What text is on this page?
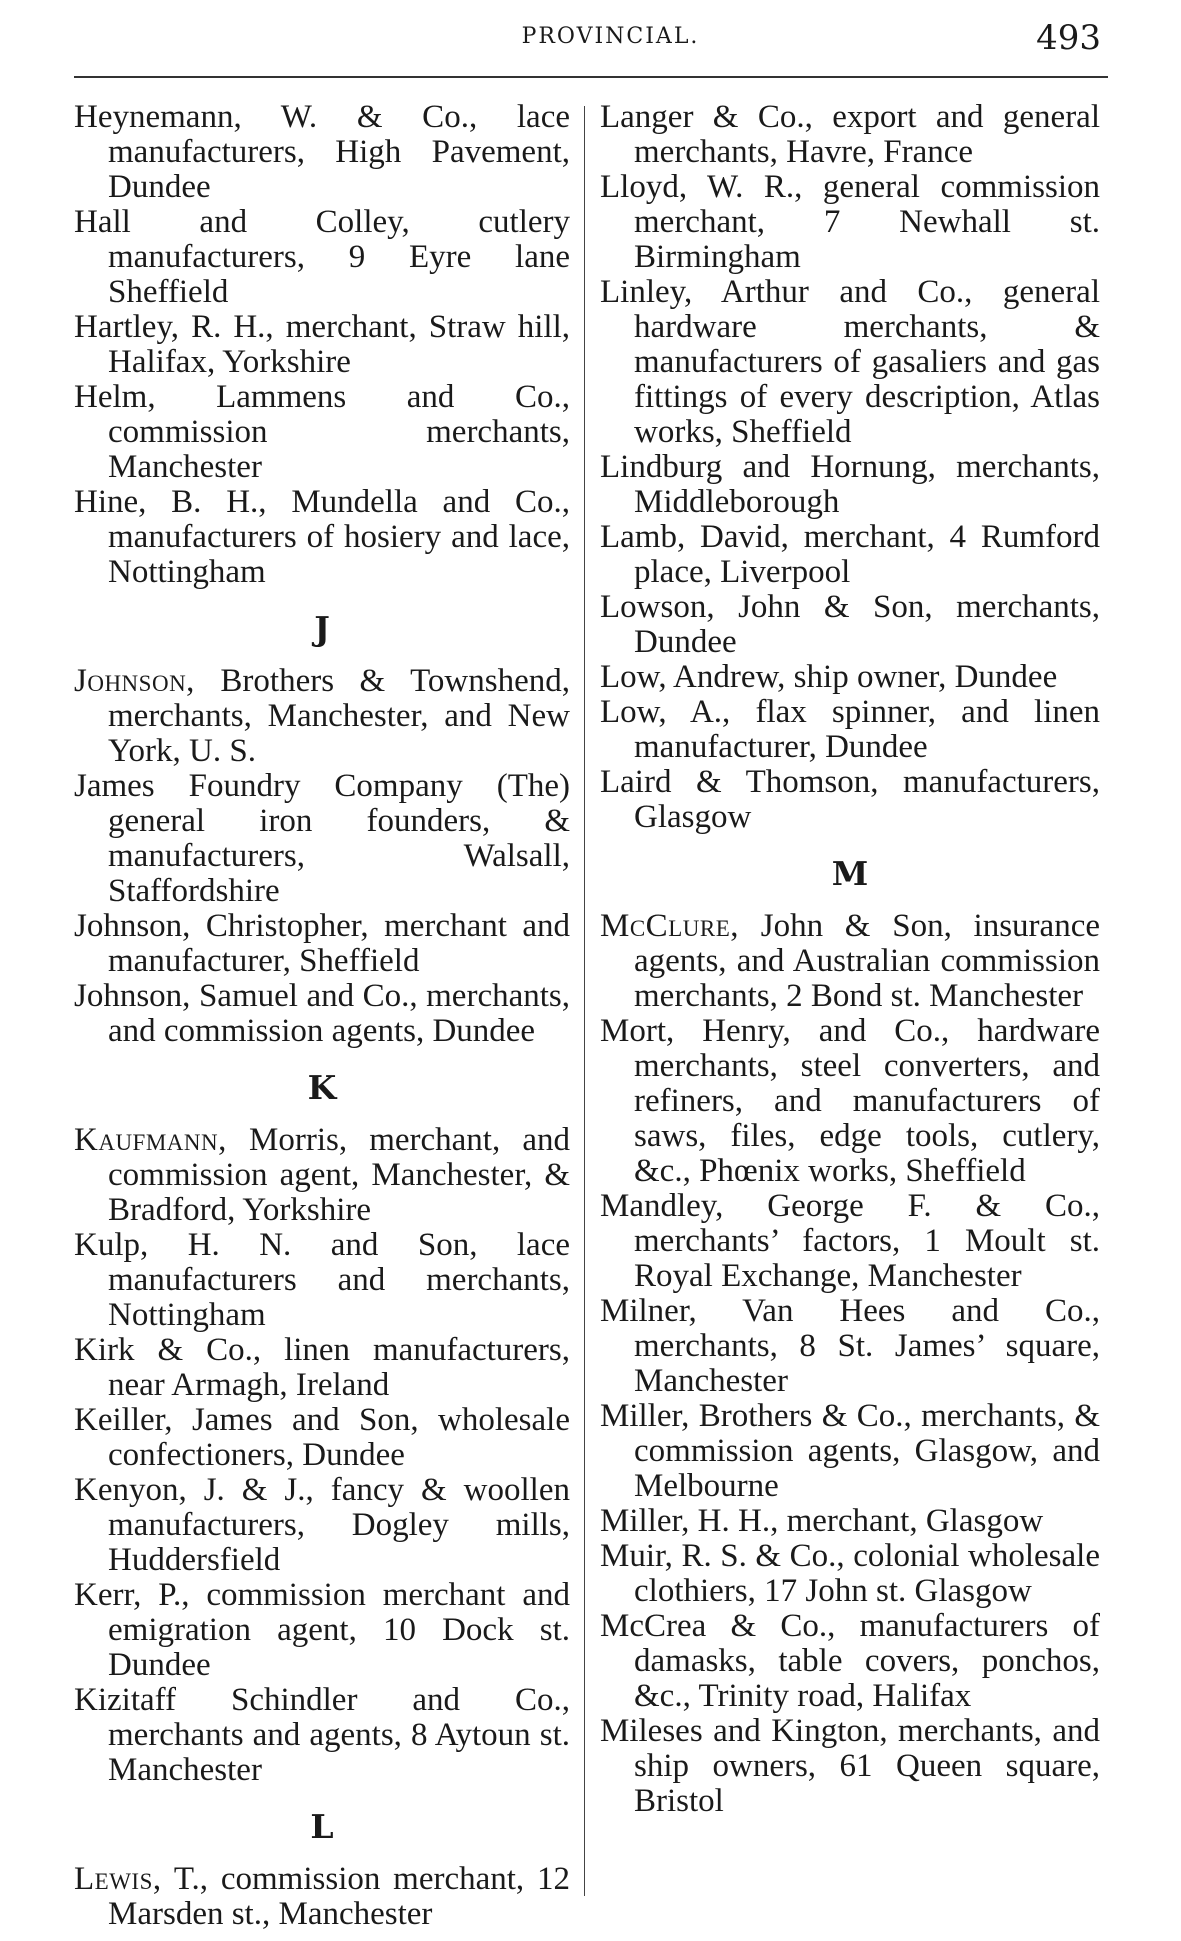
PROVINCIAL.	493

Heynemann, W. & Co., lace manufacturers, High Pavement, Dundee

Hall and Colley, cutlery manufacturers, 9 Eyre lane Sheffield

Hartley, R. H., merchant, Straw hill, Halifax, Yorkshire

Helm, Lammens and Co., commission merchants, Manchester

Hine, B. H., Mundella and Co., manufacturers of hosiery and lace, Nottingham

J

Johnson, Brothers & Townshend, merchants, Manchester, and New York, U. S.

James Foundry Company (The) general iron founders, & manufacturers, Walsall, Staffordshire

Johnson, Christopher, merchant and manufacturer, Sheffield

Johnson, Samuel and Co., merchants, and commission agents, Dundee

K

Kaufmann, Morris, merchant, and commission agent, Manchester, & Bradford, Yorkshire

Kulp, H. N. and Son, lace manufacturers and merchants, Nottingham

Kirk & Co., linen manufacturers, near Armagh, Ireland

Keiller, James and Son, wholesale confectioners, Dundee

Kenyon, J. & J., fancy & woollen manufacturers, Dogley mills, Huddersfield

Kerr, P., commission merchant and emigration agent, 10 Dock st. Dundee

Kizitaff Schindler and Co., merchants and agents, 8 Aytoun st. Manchester

L

Lewis, T., commission merchant, 12 Marsden st., Manchester

Langer & Co., export and general merchants, Havre, France

Lloyd, W. R., general commission merchant, 7 Newhall st. Birmingham

Linley, Arthur and Co., general hardware merchants, & manufacturers of gasaliers and gas fittings of every description, Atlas works, Sheffield

Lindburg and Hornung, merchants, Middleborough

Lamb, David, merchant, 4 Rumford place, Liverpool

Lowson, John & Son, merchants, Dundee

Low, Andrew, ship owner, Dundee

Low, A., flax spinner, and linen manufacturer, Dundee

Laird & Thomson, manufacturers, Glasgow

M

McClure, John & Son, insurance agents, and Australian commission merchants, 2 Bond st. Manchester

Mort, Henry, and Co., hardware merchants, steel converters, and refiners, and manufacturers of saws, files, edge tools, cutlery, &c., Phœnix works, Sheffield

Mandley, George F. & Co., merchants’ factors, 1 Moult st. Royal Exchange, Manchester

Milner, Van Hees and Co., merchants, 8 St. James’ square, Manchester

Miller, Brothers & Co., merchants, & commission agents, Glasgow, and Melbourne

Miller, H. H., merchant, Glasgow

Muir, R. S. & Co., colonial wholesale clothiers, 17 John st. Glasgow

McCrea & Co., manufacturers of damasks, table covers, ponchos, &c., Trinity road, Halifax

Mileses and Kington, merchants, and ship owners, 61 Queen square, Bristol
